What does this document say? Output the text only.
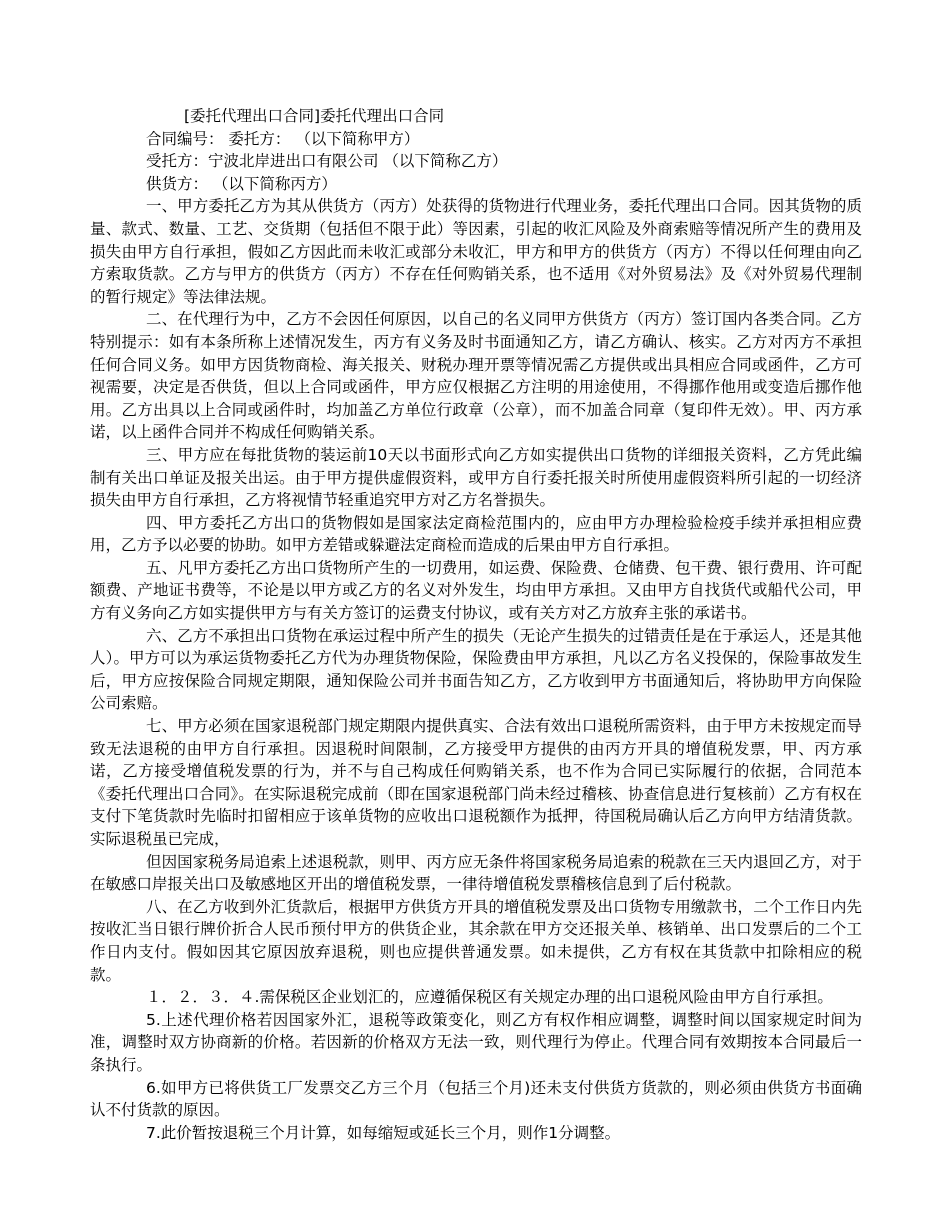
[委托代理出口合同]委托代理出口合同
合同编号： 委托方： （以下简称甲方）
受托方：宁波北岸进出口有限公司 （以下简称乙方）
供货方： （以下简称丙方）

一、甲方委托乙方为其从供货方（丙方）处获得的货物进行代理业务，委托代理出口合同。因其货物的质量、款式、数量、工艺、交货期（包括但不限于此）等因素，引起的收汇风险及外商索赔等情况所产生的费用及损失由甲方自行承担，假如乙方因此而未收汇或部分未收汇，甲方和甲方的供货方（丙方）不得以任何理由向乙方索取货款。乙方与甲方的供货方（丙方）不存在任何购销关系，也不适用《对外贸易法》及《对外贸易代理制的暂行规定》等法律法规。

二、在代理行为中，乙方不会因任何原因，以自己的名义同甲方供货方（丙方）签订国内各类合同。乙方特别提示：如有本条所称上述情况发生，丙方有义务及时书面通知乙方，请乙方确认、核实。乙方对丙方不承担任何合同义务。如甲方因货物商检、海关报关、财税办理开票等情况需乙方提供或出具相应合同或函件，乙方可视需要，决定是否供货，但以上合同或函件，甲方应仅根据乙方注明的用途使用，不得挪作他用或变造后挪作他用。乙方出具以上合同或函件时，均加盖乙方单位行政章（公章），而不加盖合同章（复印件无效）。甲、丙方承诺，以上函件合同并不构成任何购销关系。

三、甲方应在每批货物的装运前10天以书面形式向乙方如实提供出口货物的详细报关资料，乙方凭此编制有关出口单证及报关出运。由于甲方提供虚假资料，或甲方自行委托报关时所使用虚假资料所引起的一切经济损失由甲方自行承担，乙方将视情节轻重追究甲方对乙方名誉损失。

四、甲方委托乙方出口的货物假如是国家法定商检范围内的，应由甲方办理检验检疫手续并承担相应费用，乙方予以必要的协助。如甲方差错或躲避法定商检而造成的后果由甲方自行承担。

五、凡甲方委托乙方出口货物所产生的一切费用，如运费、保险费、仓储费、包干费、银行费用、许可配额费、产地证书费等，不论是以甲方或乙方的名义对外发生，均由甲方承担。又由甲方自找货代或船代公司，甲方有义务向乙方如实提供甲方与有关方签订的运费支付协议，或有关方对乙方放弃主张的承诺书。

六、乙方不承担出口货物在承运过程中所产生的损失（无论产生损失的过错责任是在于承运人，还是其他人）。甲方可以为承运货物委托乙方代为办理货物保险，保险费由甲方承担，凡以乙方名义投保的，保险事故发生后，甲方应按保险合同规定期限，通知保险公司并书面告知乙方，乙方收到甲方书面通知后，将协助甲方向保险公司索赔。

七、甲方必须在国家退税部门规定期限内提供真实、合法有效出口退税所需资料，由于甲方未按规定而导致无法退税的由甲方自行承担。因退税时间限制，乙方接受甲方提供的由丙方开具的增值税发票，甲、丙方承诺，乙方接受增值税发票的行为，并不与自己构成任何购销关系，也不作为合同已实际履行的依据，合同范本《委托代理出口合同》。在实际退税完成前（即在国家退税部门尚未经过稽核、协查信息进行复核前）乙方有权在支付下笔货款时先临时扣留相应于该单货物的应收出口退税额作为抵押，待国税局确认后乙方向甲方结清货款。实际退税虽已完成，

但因国家税务局追索上述退税款，则甲、丙方应无条件将国家税务局追索的税款在三天内退回乙方，对于在敏感口岸报关出口及敏感地区开出的增值税发票，一律待增值税发票稽核信息到了后付税款。

八、在乙方收到外汇货款后，根据甲方供货方开具的增值税发票及出口货物专用缴款书，二个工作日内先按收汇当日银行牌价折合人民币预付甲方的供货企业，其余款在甲方交还报关单、核销单、出口发票后的二个工作日内支付。假如因其它原因放弃退税，则也应提供普通发票。如未提供，乙方有权在其货款中扣除相应的税款。

１．２．３．４.需保税区企业划汇的，应遵循保税区有关规定办理的出口退税风险由甲方自行承担。

5.上述代理价格若因国家外汇，退税等政策变化，则乙方有权作相应调整，调整时间以国家规定时间为准，调整时双方协商新的价格。若因新的价格双方无法一致，则代理行为停止。代理合同有效期按本合同最后一条执行。

6.如甲方已将供货工厂发票交乙方三个月（包括三个月)还未支付供货方货款的，则必须由供货方书面确认不付货款的原因。

7.此价暂按退税三个月计算，如每缩短或延长三个月，则作1分调整。
